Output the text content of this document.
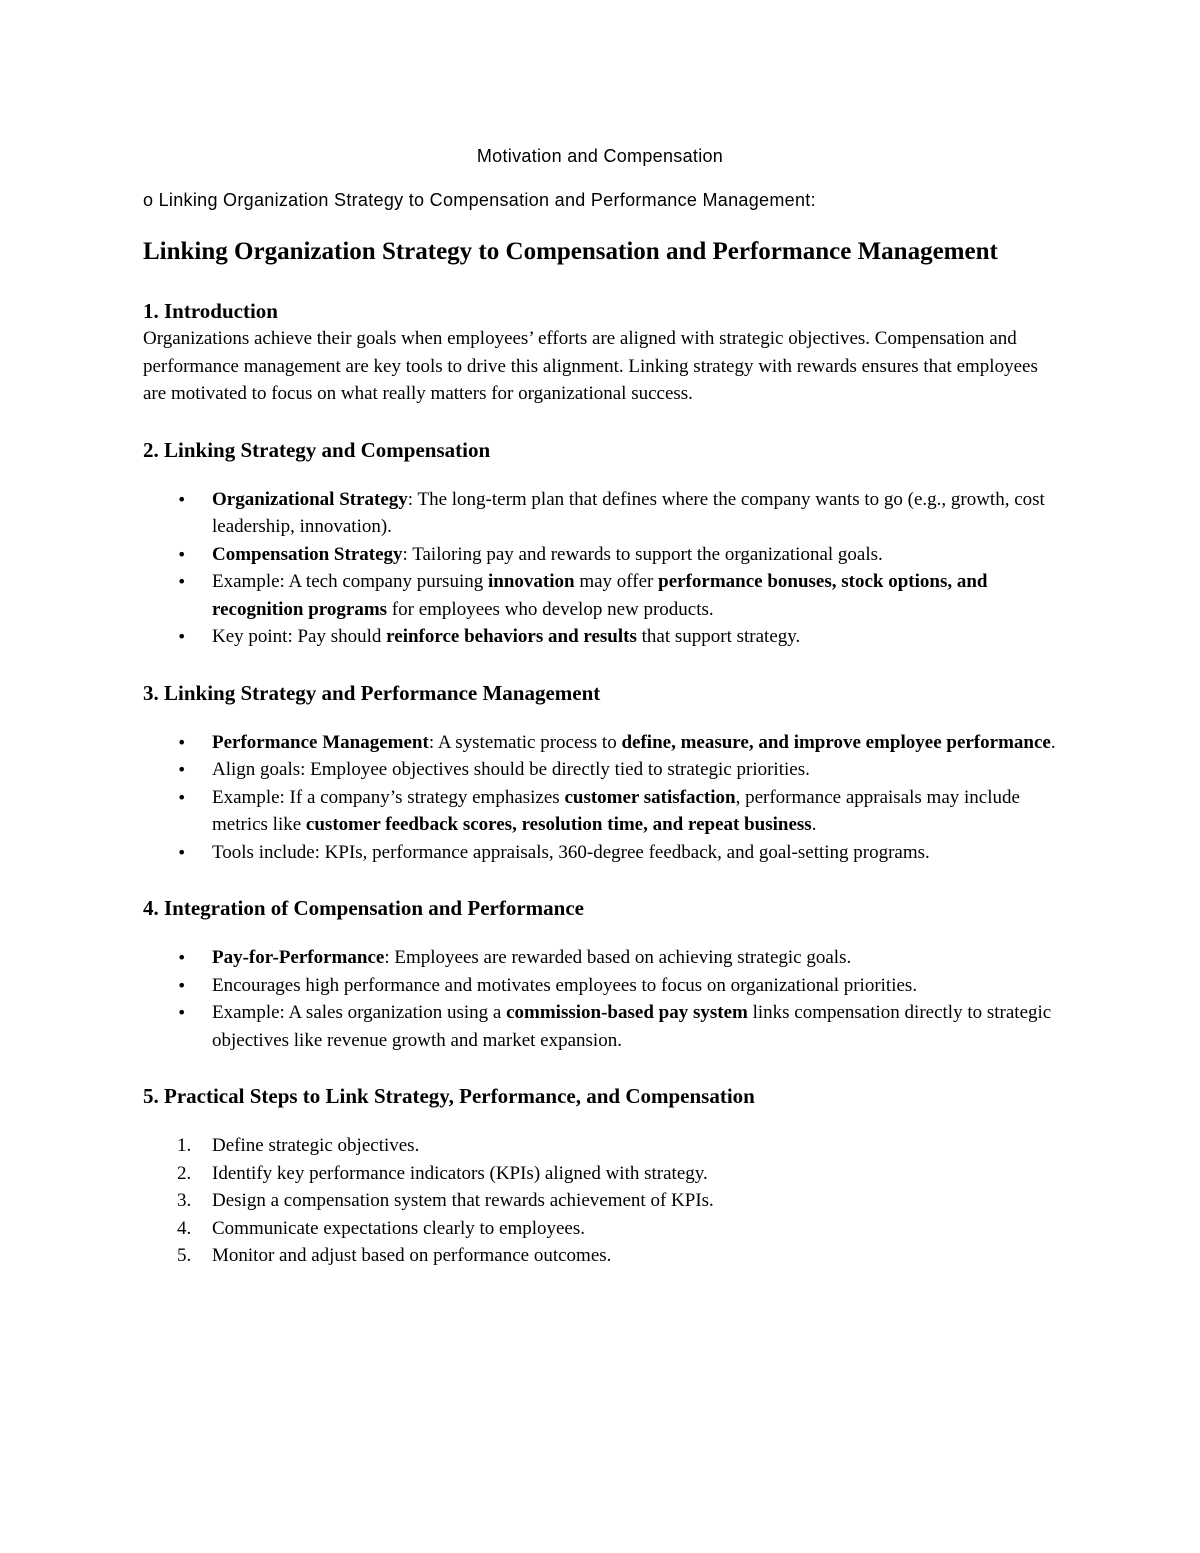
Motivation and Compensation

o Linking Organization Strategy to Compensation and Performance Management:

Linking Organization Strategy to Compensation and Performance Management
1. Introduction

Organizations achieve their goals when employees’ efforts are aligned with strategic objectives. Compensation and performance management are key tools to drive this alignment. Linking strategy with rewards ensures that employees are motivated to focus on what really matters for organizational success.

2. Linking Strategy and Compensation
• Organizational Strategy: The long-term plan that defines where the company wants to go (e.g., growth, cost leadership, innovation).
• Compensation Strategy: Tailoring pay and rewards to support the organizational goals.
• Example: A tech company pursuing innovation may offer performance bonuses, stock options, and recognition programs for employees who develop new products.
• Key point: Pay should reinforce behaviors and results that support strategy.
3. Linking Strategy and Performance Management
• Performance Management: A systematic process to define, measure, and improve employee performance.
• Align goals: Employee objectives should be directly tied to strategic priorities.
• Example: If a company’s strategy emphasizes customer satisfaction, performance appraisals may include metrics like customer feedback scores, resolution time, and repeat business.
• Tools include: KPIs, performance appraisals, 360-degree feedback, and goal-setting programs.
4. Integration of Compensation and Performance
• Pay-for-Performance: Employees are rewarded based on achieving strategic goals.
• Encourages high performance and motivates employees to focus on organizational priorities.
• Example: A sales organization using a commission-based pay system links compensation directly to strategic objectives like revenue growth and market expansion.
5. Practical Steps to Link Strategy, Performance, and Compensation
1. Define strategic objectives.
2. Identify key performance indicators (KPIs) aligned with strategy.
3. Design a compensation system that rewards achievement of KPIs.
4. Communicate expectations clearly to employees.
5. Monitor and adjust based on performance outcomes.
